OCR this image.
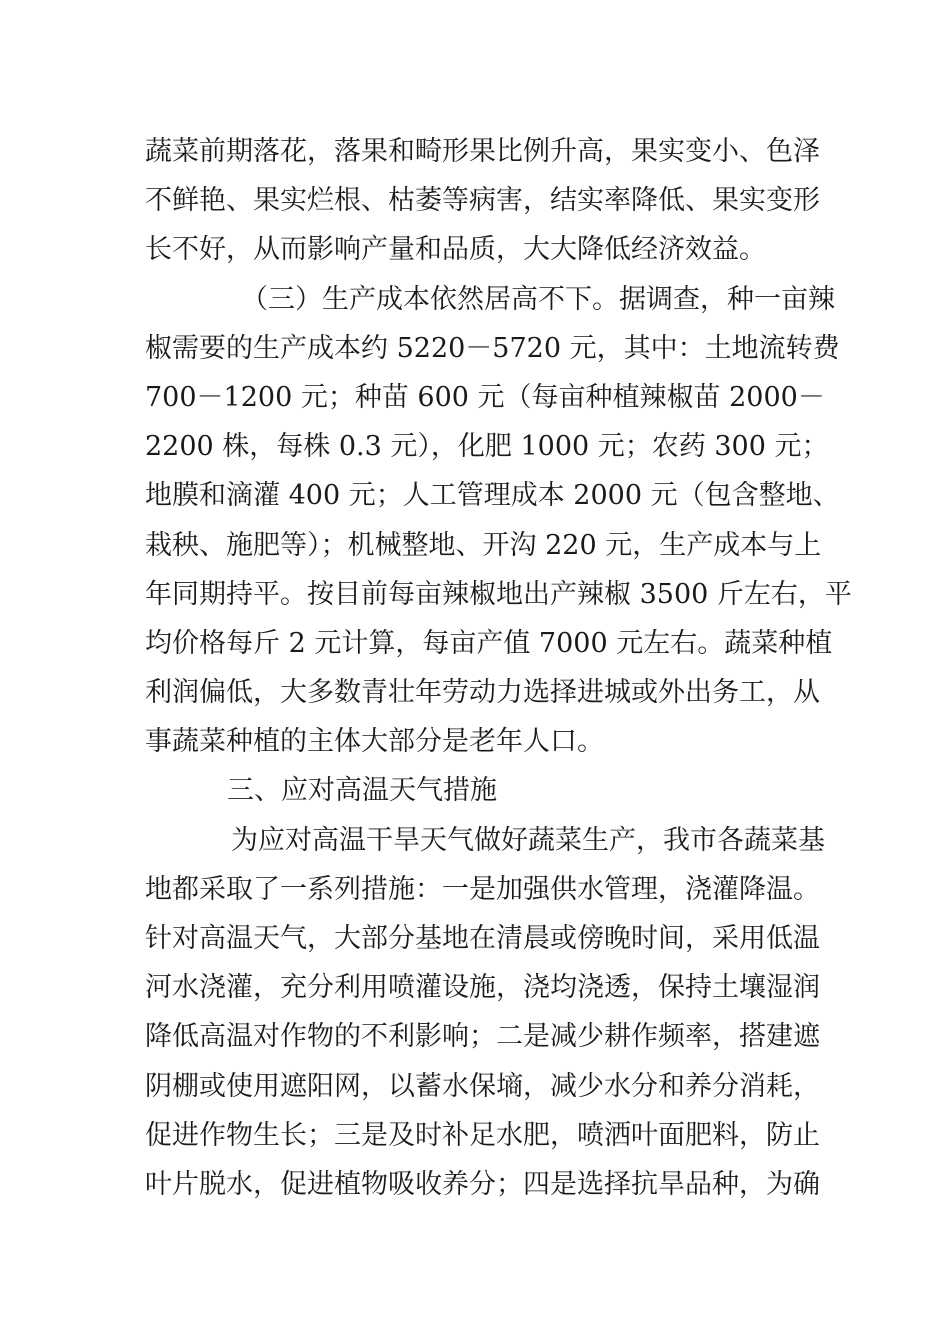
蔬菜前期落花，落果和畸形果比例升高，果实变小、色泽
不鲜艳、果实烂根、枯萎等病害，结实率降低、果实变形
长不好，从而影响产量和品质，大大降低经济效益。
（三）生产成本依然居高不下。据调查，种一亩辣
椒需要的生产成本约 5220－5720 元，其中：土地流转费
700－1200 元；种苗 600 元（每亩种植辣椒苗 2000－
2200 株，每株 0.3 元），化肥 1000 元；农药 300 元；
地膜和滴灌 400 元；人工管理成本 2000 元（包含整地、
栽秧、施肥等）；机械整地、开沟 220 元，生产成本与上
年同期持平。按目前每亩辣椒地出产辣椒 3500 斤左右，平
均价格每斤 2 元计算，每亩产值 7000 元左右。蔬菜种植
利润偏低，大多数青壮年劳动力选择进城或外出务工，从
事蔬菜种植的主体大部分是老年人口。
三、应对高温天气措施
为应对高温干旱天气做好蔬菜生产，我市各蔬菜基
地都采取了一系列措施：一是加强供水管理，浇灌降温。
针对高温天气，大部分基地在清晨或傍晚时间，采用低温
河水浇灌，充分利用喷灌设施，浇均浇透，保持土壤湿润
降低高温对作物的不利影响；二是减少耕作频率，搭建遮
阴棚或使用遮阳网，以蓄水保墒，减少水分和养分消耗，
促进作物生长；三是及时补足水肥，喷洒叶面肥料，防止
叶片脱水，促进植物吸收养分；四是选择抗旱品种，为确
